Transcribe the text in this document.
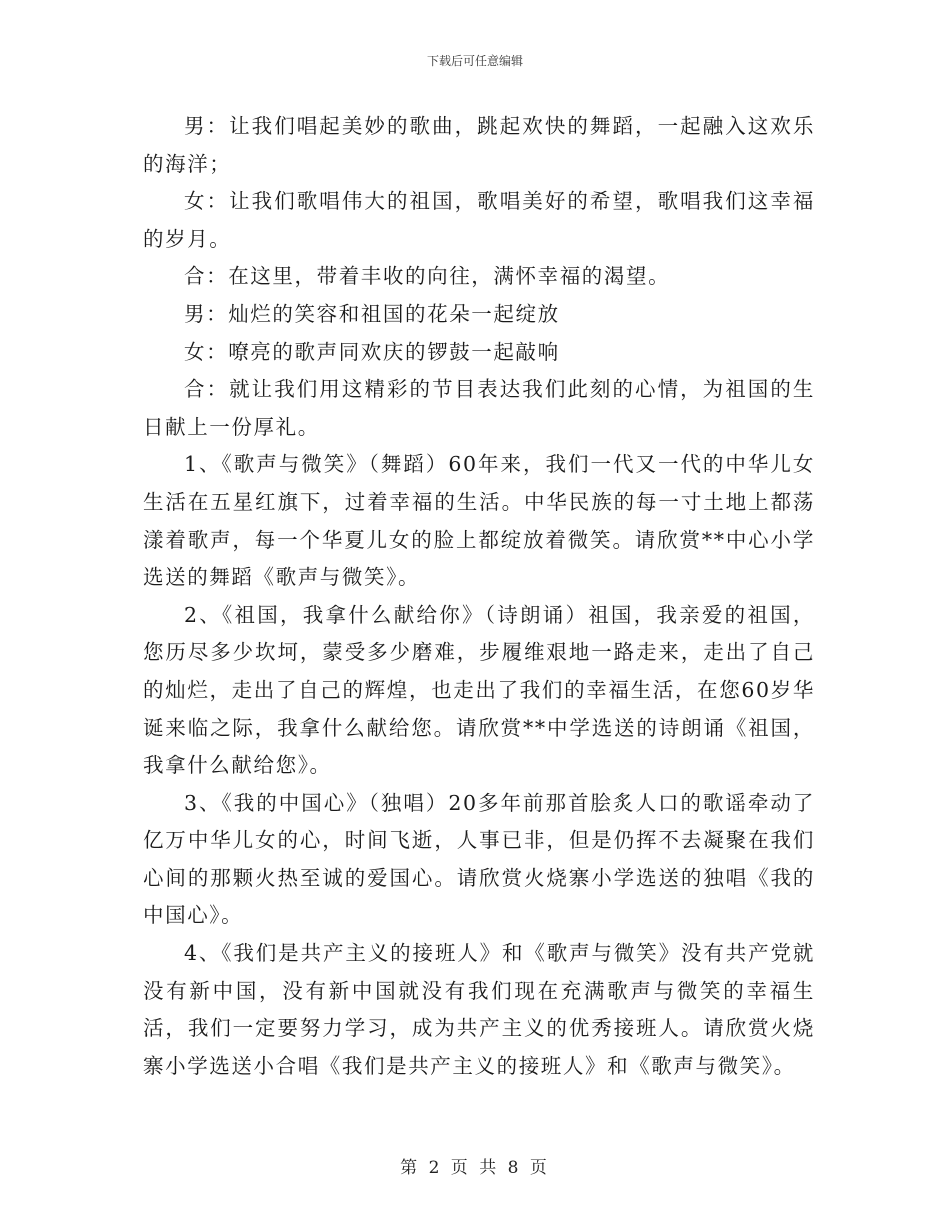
下载后可任意编辑

男：让我们唱起美妙的歌曲，跳起欢快的舞蹈，一起融入这欢乐的海洋；

女：让我们歌唱伟大的祖国，歌唱美好的希望，歌唱我们这幸福的岁月。

合：在这里，带着丰收的向往，满怀幸福的渴望。

男：灿烂的笑容和祖国的花朵一起绽放

女：嘹亮的歌声同欢庆的锣鼓一起敲响

合：就让我们用这精彩的节目表达我们此刻的心情，为祖国的生日献上一份厚礼。

1、《歌声与微笑》（舞蹈）60年来，我们一代又一代的中华儿女生活在五星红旗下，过着幸福的生活。中华民族的每一寸土地上都荡漾着歌声，每一个华夏儿女的脸上都绽放着微笑。请欣赏**中心小学选送的舞蹈《歌声与微笑》。

2、《祖国，我拿什么献给你》（诗朗诵）祖国，我亲爱的祖国，您历尽多少坎坷，蒙受多少磨难，步履维艰地一路走来，走出了自己的灿烂，走出了自己的辉煌，也走出了我们的幸福生活，在您60岁华诞来临之际，我拿什么献给您。请欣赏**中学选送的诗朗诵《祖国，我拿什么献给您》。

3、《我的中国心》（独唱）20多年前那首脍炙人口的歌谣牵动了亿万中华儿女的心，时间飞逝，人事已非，但是仍挥不去凝聚在我们心间的那颗火热至诚的爱国心。请欣赏火烧寨小学选送的独唱《我的中国心》。

4、《我们是共产主义的接班人》和《歌声与微笑》没有共产党就没有新中国，没有新中国就没有我们现在充满歌声与微笑的幸福生活，我们一定要努力学习，成为共产主义的优秀接班人。请欣赏火烧寨小学选送小合唱《我们是共产主义的接班人》和《歌声与微笑》。

第 2 页 共 8 页
